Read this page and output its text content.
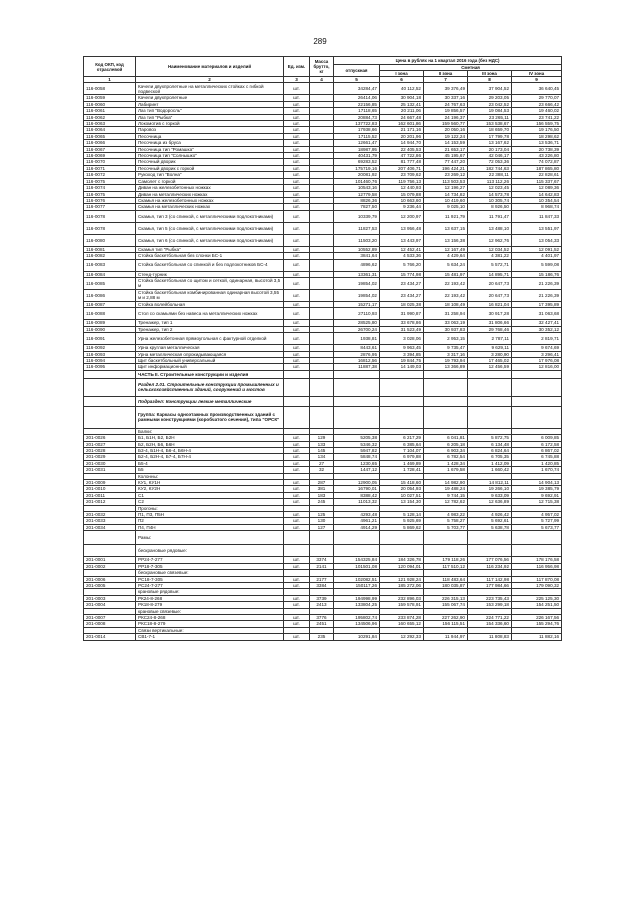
289
Код ОКП, код отраслевой	Наименование материалов и изделий	Ед. изм.	Масса брутто, кг	Цена в рублях на 1 квартал 2016 года (без НДС)				
				отпускная	Сметная			
					I зона	II зона	III зона	IV зона
1	2	3	4	5	6	7	8	9
116-0058	Качели двухпролетные на металлических стойках с гибкой подвеской	шт.		34284,47	40 112,52	39 376,49	37 904,52	36 640,45
116-0059	Качели двухпролетные	шт.		26414,06	30 904,18	30 337,16	29 203,05	29 770,07
116-0060	Лабиринт	шт.		22156,85	25 132,41	24 767,63	23 042,52	23 666,42
116-0061	Лаз тип "Водоросль"	шт.		17118,65	20 211,06	19 856,57	19 084,53	19 460,02
116-0062	Лаз тип "Рыбка"	шт.		20884,73	24 667,48	24 196,37	23 265,11	23 741,22
116-0063	Локомотив с горкой	шт.		137722,83	162 601,86	159 560,77	153 538,67	156 559,75
116-0064	Паровоз	шт.		17938,66	21 171,16	20 050,16	18 659,70	19 176,50
116-0065	Песочница	шт.		17115,52	20 201,96	19 122,24	17 799,78	18 298,62
116-0066	Песочница из бруса	шт.		12661,47	14 944,70	14 153,59	13 167,62	13 536,71
116-0067	Песочница тип "Ромашка"	шт.		18987,95	22 405,53	21 653,17	20 173,04	20 738,39
116-0069	Песочница тип "Солнышко"	шт.		40431,79	47 722,86	45 195,67	42 046,17	43 226,80
116-0070	Песочный дворик	шт.		69283,52	81 777,48	77 447,20	72 053,36	74 072,87
116-0071	Песочный дворик с горкой	шт.		175719,16	207 406,71	196 424,21	182 744,63	187 865,80
116-0072	Рукоход тип "Волна"	шт.		20081,92	23 709,62	23 269,12	22 388,11	22 828,61
116-0075	Самолет с горкой	шт.		101460,76	119 756,13	113 503,53	113 112,26	115 337,67
116-0074	Диван на железобетонных ножках	шт.		10543,16	12 440,93	12 196,27	12 023,45	12 089,36
116-0075	Диван на металлических ножках	шт.		12779,58	15 079,88	14 734,82	14 573,78	14 642,83
116-0076	Скамья на железобетонных ножках	шт.		8826,36	10 663,60	10 419,60	10 305,74	10 354,54
116-0077	Скамья на металлических ножках	шт.		7827,50	9 236,44	9 025,10	8 926,50	8 968,74
116-0078	Скамья, тип 3 (со спинкой, с металлическими подлокотниками)	шт.		10339,79	12 200,97	11 921,79	11 791,47	11 847,33
116-0078	Скамья, тип 5 (со спинкой, с металлическими подлокотниками)	шт.		11827,53	13 956,48	13 637,15	13 488,10	13 551,97
116-0080	Скамья, тип 6 (со спинкой, с металлическими подлокотниками)	шт.		11503,20	13 443,97	13 156,38	12 962,76	13 054,33
116-0081	Скамья тип "Рыбка"	шт.		10552,89	12 452,41	12 167,49	12 034,52	12 091,52
116-0082	Стойка баскетбольная без слонки БС-1	шт.		3841,64	4 533,36	4 429,64	4 381,22	4 401,97
116-0083	Стойка баскетбольная со спинкой и без подлокотников БС-4	шт.		4896,62	5 766,20	5 634,24	5 572,71	5 599,08
116-0084	Стенд-турник	шт.		13361,31	15 774,98	15 481,97	14 895,71	15 186,76
116-0085	Стойка баскетбольная со щитом и сеткой, одинарная, высотой 3,5 м	шт.		19854,02	23 434,27	22 193,42	20 647,73	21 226,39
116-0086	Стойка баскетбольная комбинированная одинарная высотой 3,55 м и 2,88 м	шт.		19854,02	23 434,27	22 193,42	20 647,73	21 226,39
116-0087	Стойка волейбольная	шт.		15271,17	18 025,38	18 108,49	16 821,04	17 395,89
116-0088	Стол со скамьями без навеса на металлических ножках	шт.		27110,93	31 990,87	31 258,94	30 917,28	31 063,68
116-0089	Тренажер, тип 1	шт.		28525,80	33 678,86	33 063,19	31 806,66	32 427,41
116-0090	Тренажер, тип 2	шт.		26700,24	31 523,49	30 937,83	29 768,46	30 352,12
116-0091	Урна железобетонная прямоугольная с фактурной отделкой	шт.		1938,81	3 028,06	2 953,15	2 787,11	2 819,71
116-0092	Урна круглая металлическая	шт.		8443,61	9 963,45	9 735,47	9 629,11	9 674,69
116-0093	Урна металлическая опрокидывающаяся	шт.		2876,95	3 394,85	3 317,16	3 280,90	3 296,41
116-0094	Щит баскетбольный универсальный	шт.		16812,56	19 844,75	19 793,94	17 465,02	17 976,08
116-0095	Щит информационный	шт.		11887,38	14 149,03	13 366,89	12 456,59	12 816,00
	ЧАСТЬ II. Строительные конструкции и изделия							
	Раздел 2.01. Строительные конструкции промышленных и сельскохозяйственных зданий, сооружений и мостов							
	Подраздел: Конструкции легкие металлические							
	Группа: Каркасы одноэтажных производственных зданий с рамными конструкциями (коробчатого сечения), типа "ОРСК"							
	Балки:							
201-0026	Б1, Б1Н, Б2, Б2Н	шт.	129	5205,38	6 217,29	6 041,81	5 872,75	6 009,85
201-0027	Б2, Б2Н, Б6, Б6Н	шт.	133	5346,32	6 385,64	6 205,18	6 134,48	6 172,58
201-0028	Б3-4, Б1Н-4, Б6-4, Б6Н-4	шт.	145	5947,82	7 104,07	6 903,34	6 824,64	6 867,02
201-0029	Б2-4, Б2Н-4, Б7-4, Б7Н-4	шт.	134	5848,74	6 979,88	6 782,54	6 705,35	6 745,88
201-0030	Б5-4	шт.	27	1230,65	1 469,89	1 428,34	1 412,09	1 420,85
201-0031	Б5	шт.	32	1447,12	1 728,41	1 679,58	1 660,42	1 670,74
	Колонны:							
201-0009	КУ1, КУ1Н	шт.	287	12900,05	15 418,60	14 982,90	14 812,11	14 904,13
201-0010	КУ2, КУ2Н	шт.	381	16790,01	20 054,93	19 488,24	19 266,10	19 385,79
201-0011	С1	шт.	183	8388,42	10 027,51	9 744,15	9 633,09	9 692,91
201-0012	С2	шт.	245	11013,32	13 154,30	12 782,62	12 636,89	12 715,38
	Прогоны:							
201-0032	П1, П3, П5Н	шт.	125	4293,48	5 128,14	4 983,22	4 926,42	4 957,02
201-0033	П2	шт.	130	4961,21	5 925,69	5 758,27	5 692,61	5 727,99
201-0034	П4, П4Н	шт.	127	4914,29	5 869,62	5 703,77	5 638,78	5 673,77
	Рамы:							
	бескрановые рядовые:							
201-0001	РР24-7-277	шт.	3374	154325,84	184 326,78	179 118,26	177 076,56	178 176,58
201-0002	РР18-7-305	шт.	2141	101501,08	120 094,01	117 510,12	116 234,92	116 956,98
	бескрановые связевые:							
201-0006	РС18-7-305	шт.	2177	102082,51	121 928,24	118 483,64	117 142,98	117 870,08
201-0005	РС24-7-277	шт.	3384	150117,26	185 272,06	180 035,87	177 984,66	179 090,32
	крановые рядовые:							
201-0003	РК24-8-268	шт.	3739	194998,99	232 896,03	226 315,13	223 735,43	225 125,30
201-0004	РК18-8-279	шт.	2413	133804,25	159 578,91	155 067,74	153 299,18	154 251,50
	крановые связевые:							
201-0007	РКС24-8-268	шт.	3776	195802,74	233 874,28	227 262,90	224 771,22	226 167,56
201-0008	РКС18-8-279	шт.	2451	134506,96	160 655,12	156 115,51	154 336,60	155 294,76
	Связи вертикальные:							
201-0014	СВ1-7-1	шт.	235	10291,84	12 292,33	11 944,97	11 808,83	11 882,16
